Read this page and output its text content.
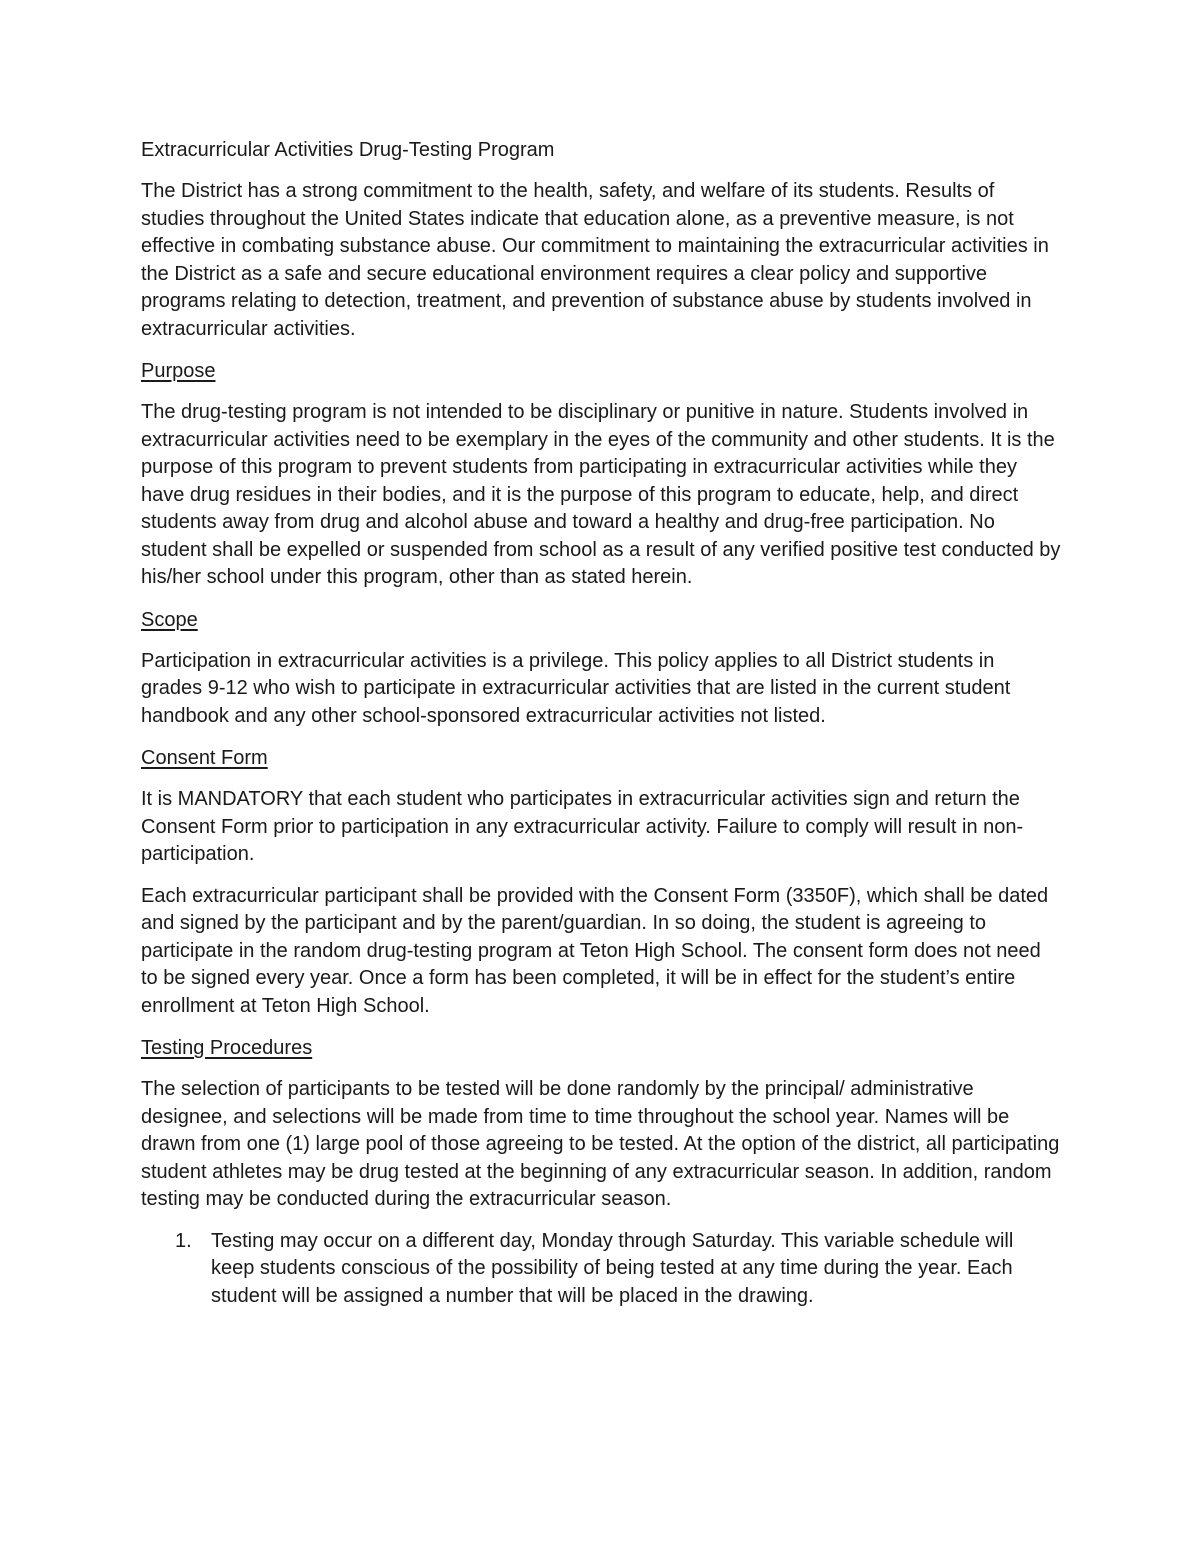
Extracurricular Activities Drug-Testing Program

The District has a strong commitment to the health, safety, and welfare of its students. Results of studies throughout the United States indicate that education alone, as a preventive measure, is not effective in combating substance abuse. Our commitment to maintaining the extracurricular activities in the District as a safe and secure educational environment requires a clear policy and supportive programs relating to detection, treatment, and prevention of substance abuse by students involved in extracurricular activities.

Purpose

The drug-testing program is not intended to be disciplinary or punitive in nature. Students involved in extracurricular activities need to be exemplary in the eyes of the community and other students. It is the purpose of this program to prevent students from participating in extracurricular activities while they have drug residues in their bodies, and it is the purpose of this program to educate, help, and direct students away from drug and alcohol abuse and toward a healthy and drug-free participation. No student shall be expelled or suspended from school as a result of any verified positive test conducted by his/her school under this program, other than as stated herein.

Scope

Participation in extracurricular activities is a privilege. This policy applies to all District students in grades 9-12 who wish to participate in extracurricular activities that are listed in the current student handbook and any other school-sponsored extracurricular activities not listed.

Consent Form

It is MANDATORY that each student who participates in extracurricular activities sign and return the Consent Form prior to participation in any extracurricular activity. Failure to comply will result in non-participation.

Each extracurricular participant shall be provided with the Consent Form (3350F), which shall be dated and signed by the participant and by the parent/guardian. In so doing, the student is agreeing to participate in the random drug-testing program at Teton High School. The consent form does not need to be signed every year. Once a form has been completed, it will be in effect for the student’s entire enrollment at Teton High School.

Testing Procedures

The selection of participants to be tested will be done randomly by the principal/ administrative designee, and selections will be made from time to time throughout the school year. Names will be drawn from one (1) large pool of those agreeing to be tested. At the option of the district, all participating student athletes may be drug tested at the beginning of any extracurricular season. In addition, random testing may be conducted during the extracurricular season.

1. Testing may occur on a different day, Monday through Saturday. This variable schedule will keep students conscious of the possibility of being tested at any time during the year. Each student will be assigned a number that will be placed in the drawing.
